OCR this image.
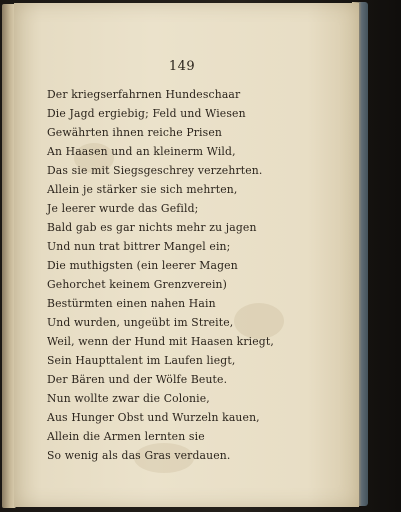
149
Der kriegserfahrnen Hundeschaar
Die Jagd ergiebig; Feld und Wiesen
Gewährten ihnen reiche Prisen
An Haasen und an kleinerm Wild,
Das sie mit Siegsgeschrey verzehrten.
Allein je stärker sie sich mehrten,
Je leerer wurde das Gefild;
Bald gab es gar nichts mehr zu jagen
Und nun trat bittrer Mangel ein;
Die muthigsten (ein leerer Magen
Gehorchet keinem Grenzverein)
Bestürmten einen nahen Hain
Und wurden, ungeübt im Streite,
Weil, wenn der Hund mit Haasen kriegt,
Sein Haupttalent im Laufen liegt,
Der Bären und der Wölfe Beute.
Nun wollte zwar die Colonie,
Aus Hunger Obst und Wurzeln kauen,
Allein die Armen lernten sie
So wenig als das Gras verdauen.
